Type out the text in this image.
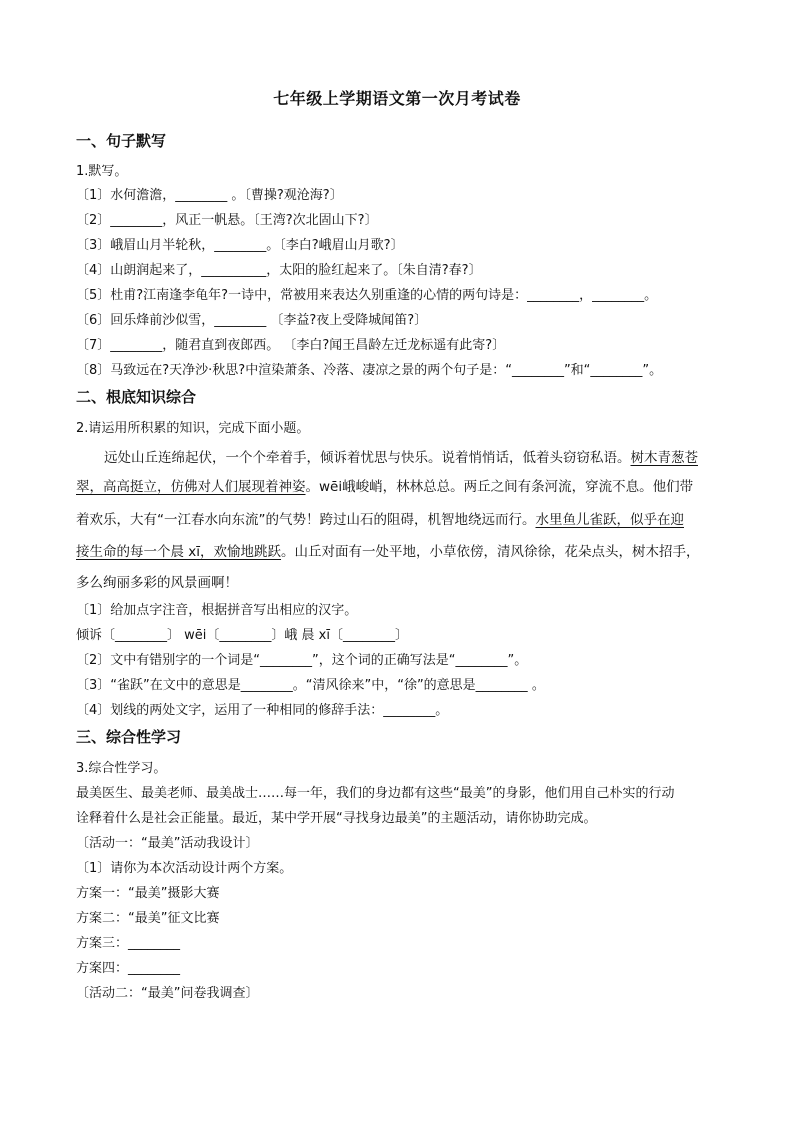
七年级上学期语文第一次月考试卷
一、句子默写
1.默写。
〔1〕水何澹澹，________ 。〔曹操?观沧海?〕
〔2〕________，风正一帆悬。〔王湾?次北固山下?〕
〔3〕峨眉山月半轮秋，________。〔李白?峨眉山月歌?〕
〔4〕山朗润起来了，__________，太阳的脸红起来了。〔朱自清?春?〕
〔5〕杜甫?江南逢李龟年?一诗中，常被用来表达久别重逢的心情的两句诗是：________，________。
〔6〕回乐烽前沙似雪，________ 〔李益?夜上受降城闻笛?〕
〔7〕________，随君直到夜郎西。 〔李白?闻王昌龄左迁龙标遥有此寄?〕
〔8〕马致远在?天净沙·秋思?中渲染萧条、冷落、凄凉之景的两个句子是：“________”和“________”。
二、根底知识综合
2.请运用所积累的知识，完成下面小题。
远处山丘连绵起伏，一个个牵着手，倾诉着忧思与快乐。说着悄悄话，低着头窃窃私语。树木青葱苍
翠，高高挺立，仿佛对人们展现着神姿。wēi峨峻峭，林林总总。两丘之间有条河流，穿流不息。他们带
着欢乐，大有“一江春水向东流”的气势！跨过山石的阻碍，机智地绕远而行。水里鱼儿雀跃，似乎在迎
接生命的每一个晨 xī，欢愉地跳跃。山丘对面有一处平地，小草依傍，清风徐徐，花朵点头，树木招手，
多么绚丽多彩的风景画啊！
〔1〕给加点字注音，根据拼音写出相应的汉字。
倾诉〔________〕 wēi〔________〕峨 晨 xī〔________〕
〔2〕文中有错别字的一个词是“________”，这个词的正确写法是“________”。
〔3〕“雀跃”在文中的意思是________。“清风徐来”中，“徐”的意思是________ 。
〔4〕划线的两处文字，运用了一种相同的修辞手法：________。
三、综合性学习
3.综合性学习。
最美医生、最美老师、最美战士……每一年，我们的身边都有这些“最美”的身影，他们用自己朴实的行动
诠释着什么是社会正能量。最近，某中学开展“寻找身边最美”的主题活动，请你协助完成。
〔活动一：“最美”活动我设计〕
〔1〕请你为本次活动设计两个方案。
方案一：“最美”摄影大赛
方案二：“最美”征文比赛
方案三：________
方案四：________
〔活动二：“最美”问卷我调查〕
